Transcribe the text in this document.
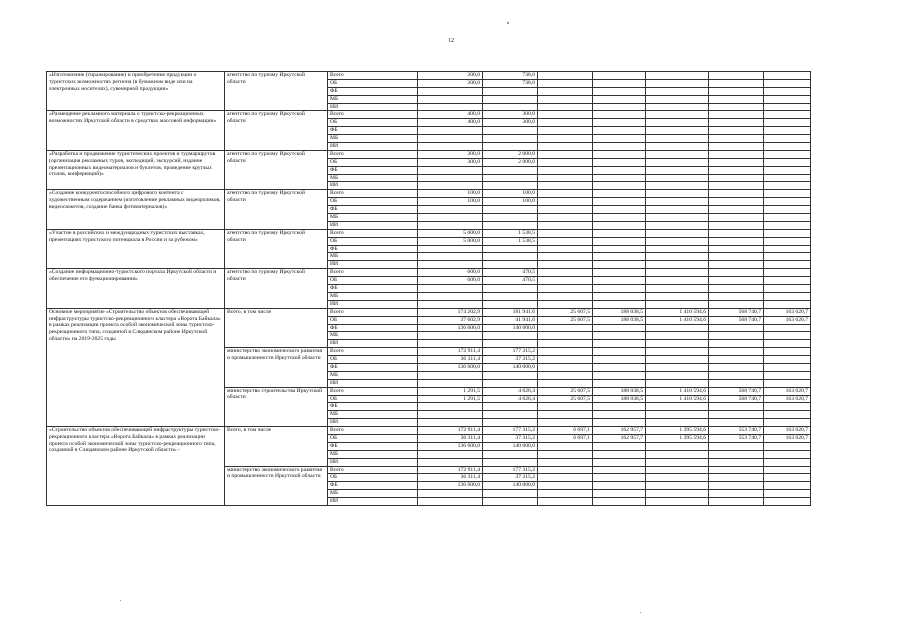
12
«Изготовление (тиражирование) и приобретение продукции о туристских возможностях региона (в бумажном виде или на электронных носителях), сувенирной продукции»	агентство по туризму Иркутской области	Всего	200,0	738,0					
		ОБ	200,0	738,0					
		ФБ							
		МБ							
		ИИ							
«Размещение рекламного материала о туристско-рекреационных возможностях Иркутской области в средствах массовой информации»	агентство по туризму Иркутской области	Всего	400,0	300,0					
		ОБ	400,0	300,0					
		ФБ							
		МБ							
		ИИ							
«Разработка и продвижение туристических проектов и турмаршрутов (организация рекламных туров, экспедиций, экскурсий, издание презентационных видеоматериалов и буклетов, проведение круглых столов, конференций)»	агентство по туризму Иркутской области	Всего	300,0	2 000,0					
		ОБ	300,0	2 000,0					
		ФБ							
		МБ							
		ИИ							
«Создание конкурентоспособного цифрового контента с художественным содержанием (изготовление рекламных видеороликов, видеосюжетов, создание банка фотоматериалов)»	агентство по туризму Иркутской области	Всего	100,0	100,0					
		ОБ	100,0	100,0					
		ФБ							
		МБ							
		ИИ							
«Участие в российских и международных туристских выставках, презентациях туристского потенциала в России и за рубежом»	агентство по туризму Иркутской области	Всего	5 000,0	1 538,5					
		ОБ	5 000,0	1 538,5					
		ФБ							
		МБ							
		ИИ							
«Создание информационно-туристского портала Иркутской области и обеспечение его функционирования»	агентство по туризму Иркутской области	Всего	600,0	470,5					
		ОБ	600,0	470,5					
		ФБ							
		МБ							
		ИИ							
Основное мероприятие «Строительство объектов обеспечивающей инфраструктуры туристско-рекреационного кластера «Ворота Байкала» в рамках реализации проекта особой экономической зоны туристско-рекреационного типа, созданной в Слюдянском районе Иркутской области» на 2019-2025 годы	Всего, в том числе	Всего	174 202,9	181 941,6	25 607,5	188 038,5	1 410 594,6	568 740,7	163 620,7
		ОБ	37 602,9	41 941,6	25 607,5	188 038,5	1 410 594,6	568 740,7	163 620,7
		ФБ	136 600,0	140 000,0					
		МБ							
		ИИ							
	министерство экономического развития и промышленности Иркутской области	Всего	172 911,4	177 315,2					
		ОБ	36 311,4	37 315,2					
		ФБ	136 600,0	140 000,0					
		МБ							
		ИИ							
	министерство строительства Иркутской области	Всего	1 291,5	4 626,4	25 607,5	188 038,5	1 410 594,6	568 740,7	163 620,7
		ОБ	1 291,5	4 626,4	25 607,5	188 038,5	1 410 594,6	568 740,7	163 620,7
		ФБ							
		МБ							
		ИИ							
«Строительство объектов обеспечивающей инфраструктуры туристско-рекреационного кластера «Ворота Байкала» в рамках реализации проекта особой экономической зоны туристско-рекреационного типа, созданной в Слюдянском районе Иркутской области» -	Всего, в том числе	Всего	172 911,4	177 315,2	6 697,1	162 957,7	1 395 594,6	553 740,7	163 620,7
		ОБ	36 311,4	37 315,2	6 697,1	162 957,7	1 395 594,6	553 740,7	163 620,7
		ФБ	136 600,0	140 000,0					
		МБ							
		ИИ							
	министерство экономического развития и промышленности Иркутской области	Всего	172 911,4	177 315,2					
		ОБ	36 311,4	37 315,2					
		ФБ	136 600,0	140 000,0					
		МБ							
		ИИ							
